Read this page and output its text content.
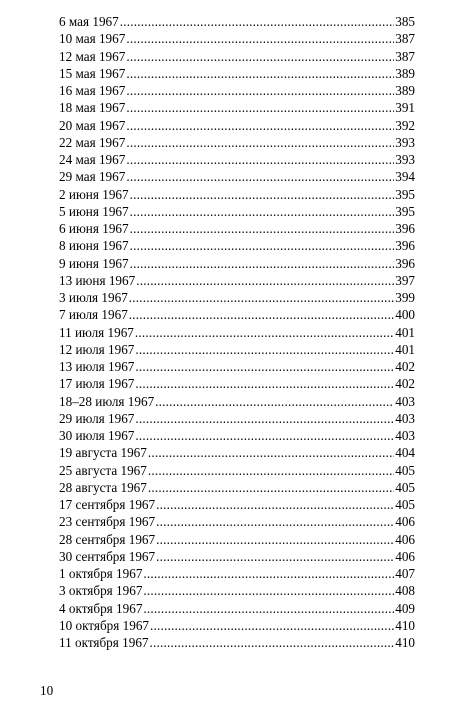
6 мая 1967 .....	385
10 мая 1967 .....	387
12 мая 1967 .....	387
15 мая 1967 .....	389
16 мая 1967 .....	389
18 мая 1967 .....	391
20 мая 1967 .....	392
22 мая 1967 .....	393
24 мая 1967 .....	393
29 мая 1967 .....	394
2 июня 1967 .....	395
5 июня 1967 .....	395
6 июня 1967 .....	396
8 июня 1967 .....	396
9 июня 1967 .....	396
13 июня 1967 .....	397
3 июля 1967 .....	399
7 июля 1967 .....	400
11 июля 1967 .....	401
12 июля 1967 .....	401
13 июля 1967 .....	402
17 июля 1967 .....	402
18–28 июля 1967 .....	403
29 июля 1967 .....	403
30 июля 1967 .....	403
19 августа 1967 .....	404
25 августа 1967 .....	405
28 августа 1967 .....	405
17 сентября 1967 .....	405
23 сентября 1967 .....	406
28 сентября 1967 .....	406
30 сентября 1967 .....	406
1 октября 1967 .....	407
3 октября 1967 .....	408
4 октября 1967 .....	409
10 октября 1967 .....	410
11 октября 1967 .....	410
10
